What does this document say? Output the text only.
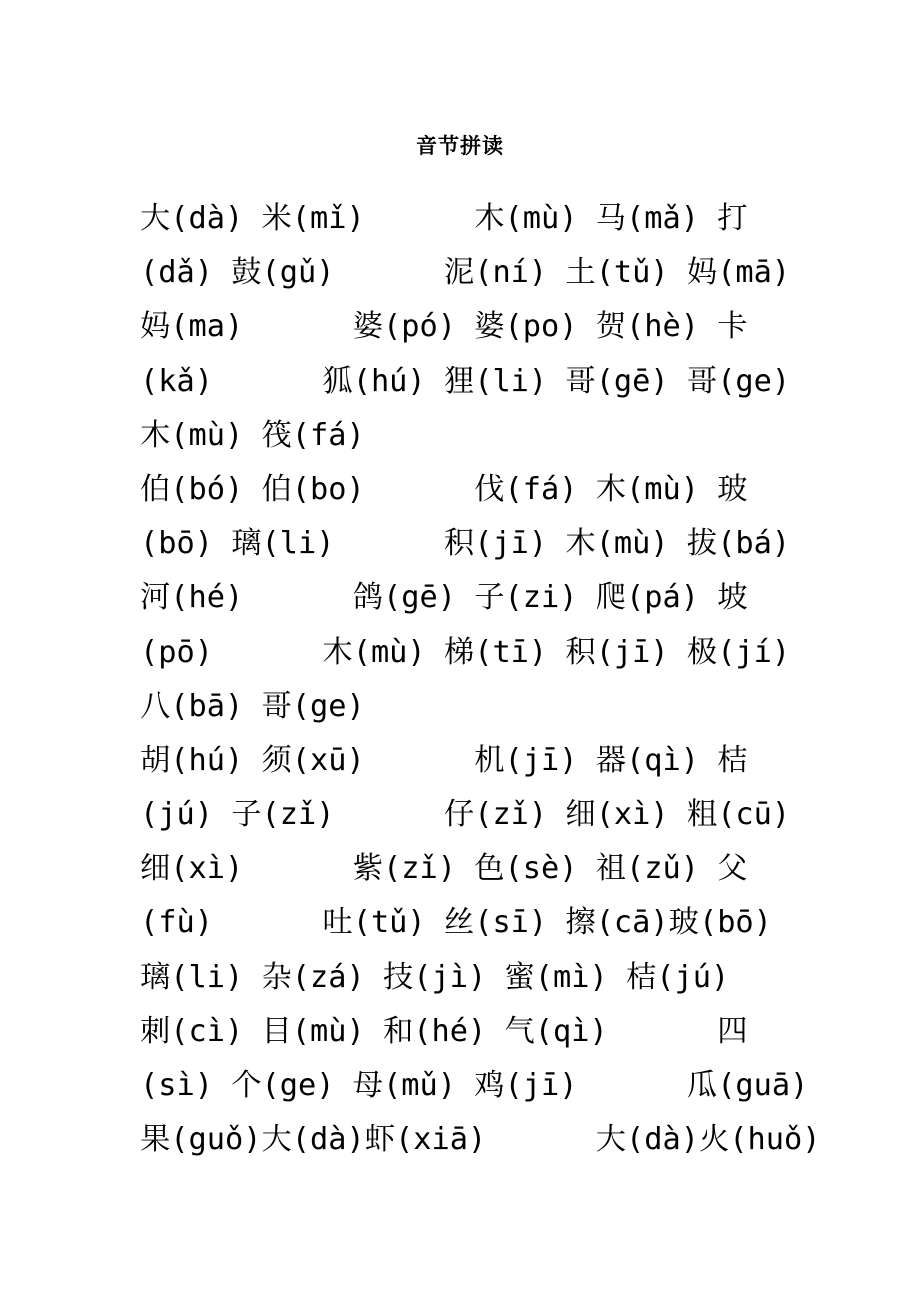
音节拼读
大(dà) 米(mǐ)      木(mù) 马(mǎ) 打
(dǎ) 鼓(gǔ)      泥(ní) 土(tǔ) 妈(mā)
妈(ma)      婆(pó) 婆(po) 贺(hè) 卡
(kǎ)      狐(hú) 狸(li) 哥(gē) 哥(ge)
木(mù) 筏(fá)
伯(bó) 伯(bo)      伐(fá) 木(mù) 玻
(bō) 璃(li)      积(jī) 木(mù) 拔(bá)
河(hé)      鸽(gē) 子(zi) 爬(pá) 坡
(pō)      木(mù) 梯(tī) 积(jī) 极(jí)
八(bā) 哥(ge)
胡(hú) 须(xū)      机(jī) 器(qì) 桔
(jú) 子(zǐ)      仔(zǐ) 细(xì) 粗(cū)
细(xì)      紫(zǐ) 色(sè) 祖(zǔ) 父
(fù)      吐(tǔ) 丝(sī) 擦(cā)玻(bō)
璃(li) 杂(zá) 技(jì) 蜜(mì) 桔(jú)
刺(cì) 目(mù) 和(hé) 气(qì)      四
(sì) 个(ge) 母(mǔ) 鸡(jī)      瓜(guā)
果(guǒ)大(dà)虾(xiā)      大(dà)火(huǒ)
